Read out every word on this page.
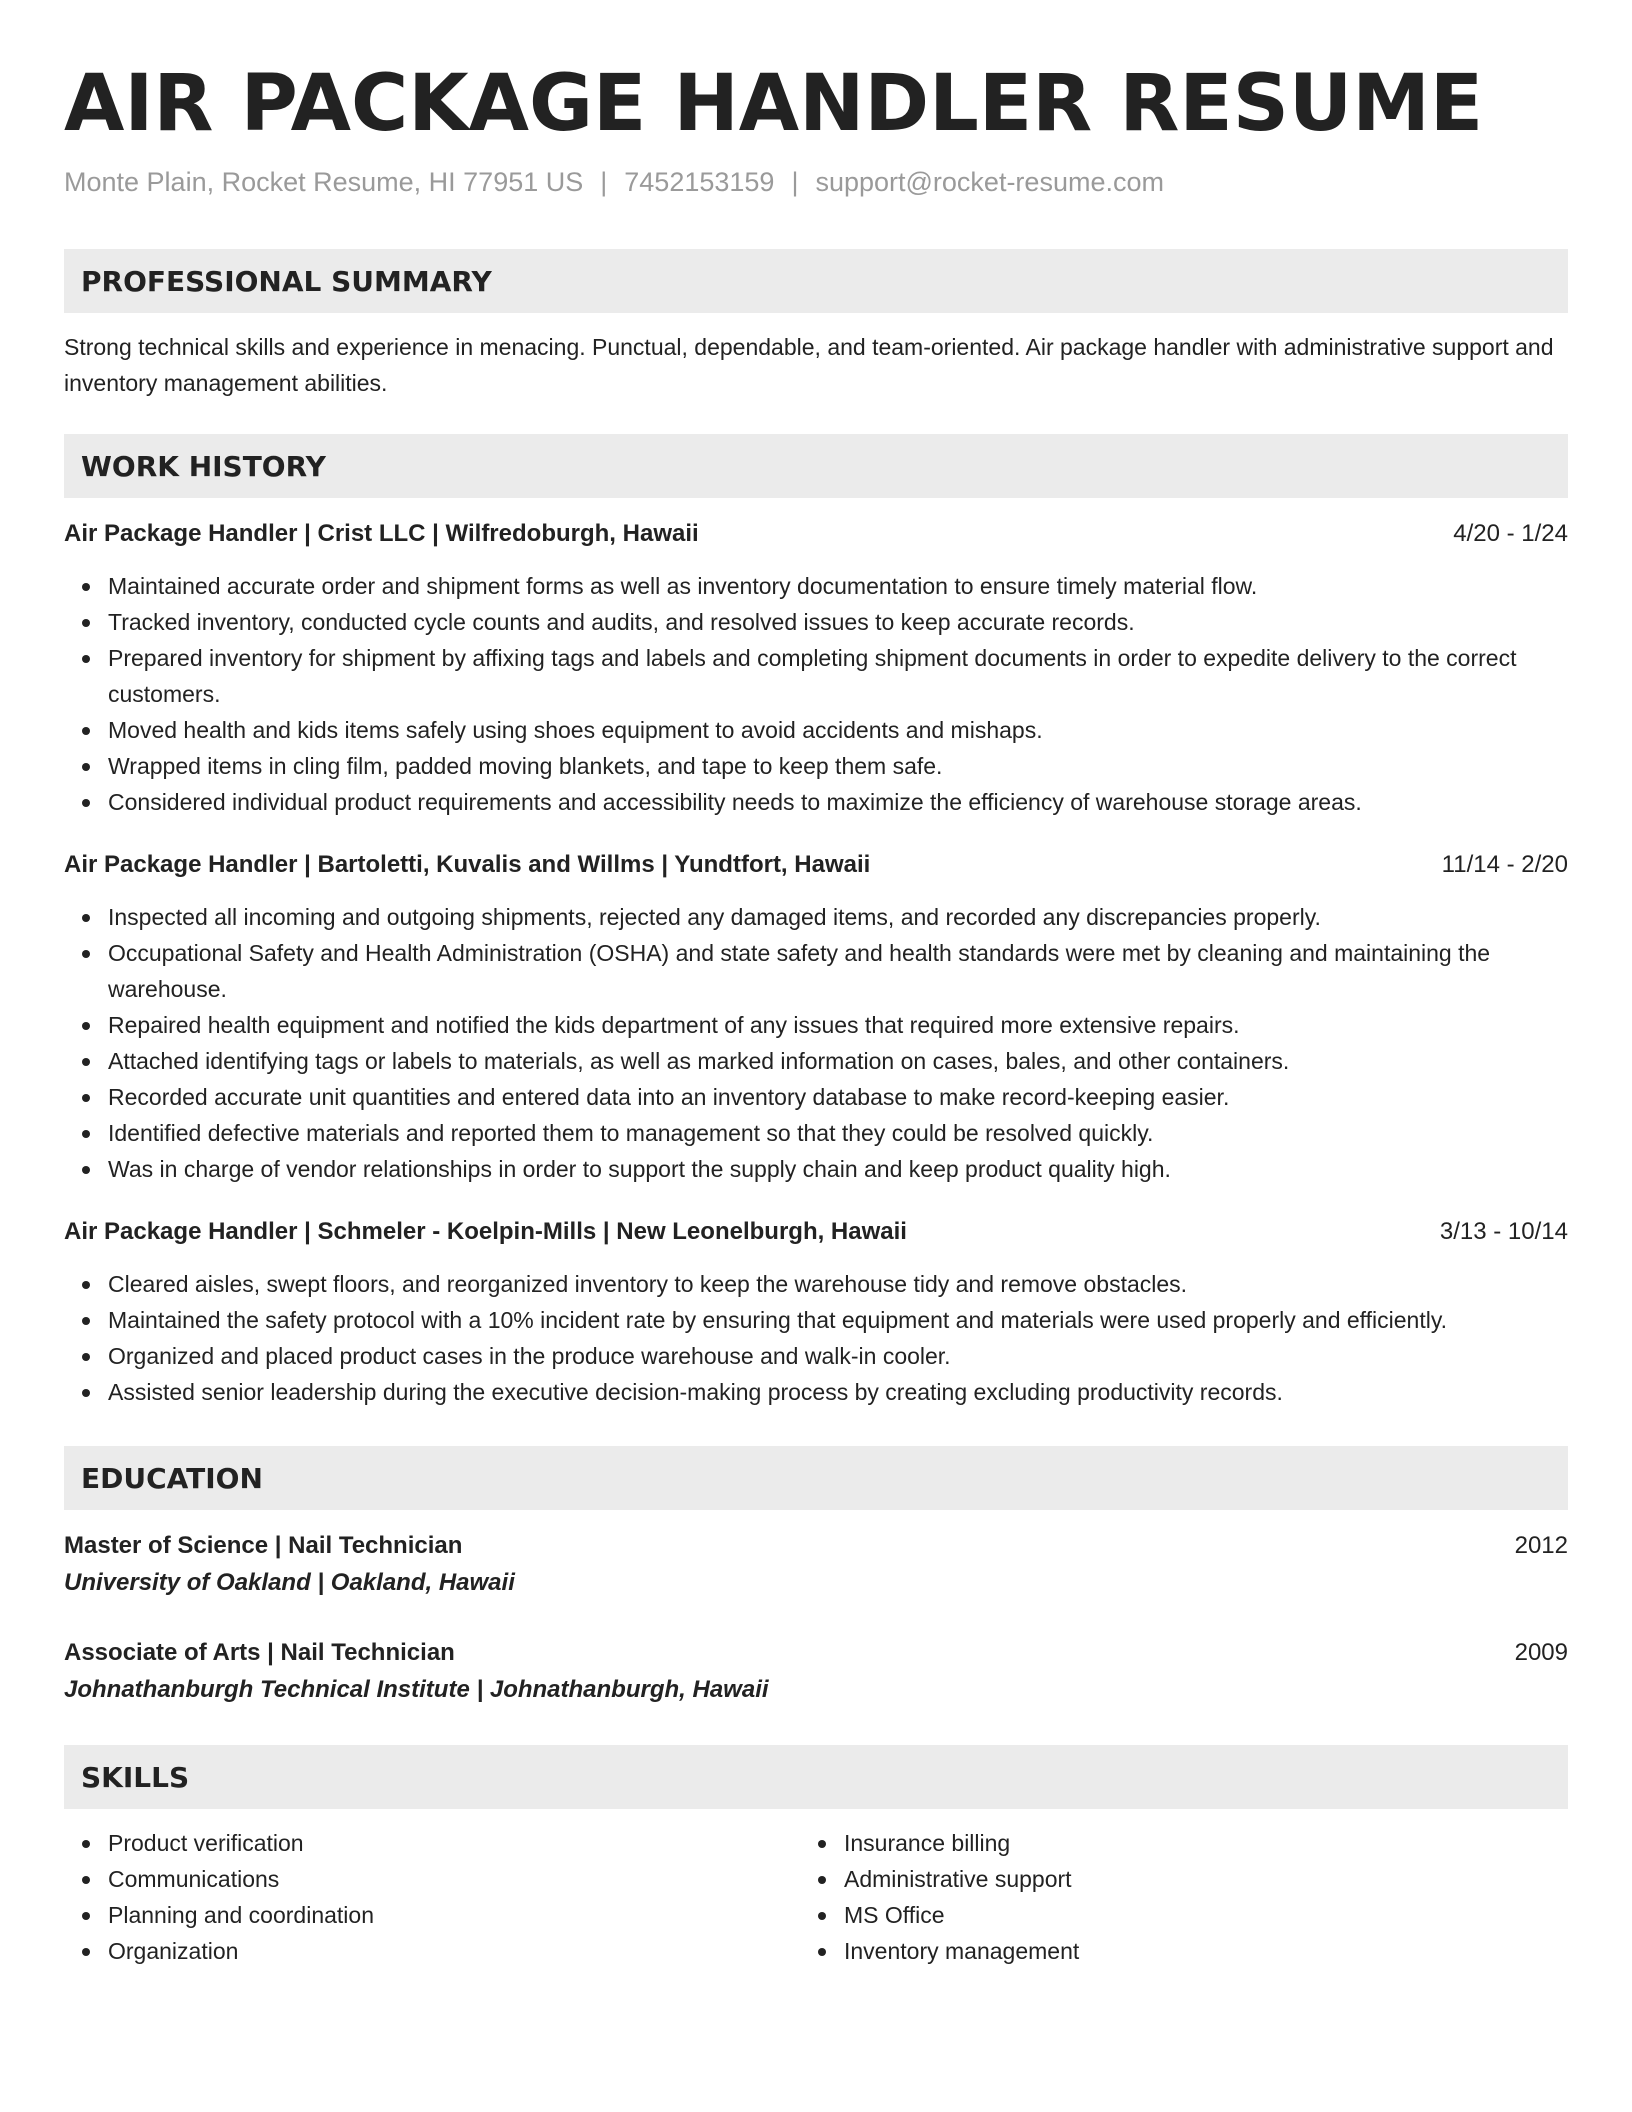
AIR PACKAGE HANDLER RESUME
Monte Plain, Rocket Resume, HI 77951 US | 7452153159 | support@rocket-resume.com
PROFESSIONAL SUMMARY
Strong technical skills and experience in menacing. Punctual, dependable, and team-oriented. Air package handler with administrative support and inventory management abilities.
WORK HISTORY
Air Package Handler | Crist LLC | Wilfredoburgh, Hawaii	4/20 - 1/24
Maintained accurate order and shipment forms as well as inventory documentation to ensure timely material flow.
Tracked inventory, conducted cycle counts and audits, and resolved issues to keep accurate records.
Prepared inventory for shipment by affixing tags and labels and completing shipment documents in order to expedite delivery to the correct customers.
Moved health and kids items safely using shoes equipment to avoid accidents and mishaps.
Wrapped items in cling film, padded moving blankets, and tape to keep them safe.
Considered individual product requirements and accessibility needs to maximize the efficiency of warehouse storage areas.
Air Package Handler | Bartoletti, Kuvalis and Willms | Yundtfort, Hawaii	11/14 - 2/20
Inspected all incoming and outgoing shipments, rejected any damaged items, and recorded any discrepancies properly.
Occupational Safety and Health Administration (OSHA) and state safety and health standards were met by cleaning and maintaining the warehouse.
Repaired health equipment and notified the kids department of any issues that required more extensive repairs.
Attached identifying tags or labels to materials, as well as marked information on cases, bales, and other containers.
Recorded accurate unit quantities and entered data into an inventory database to make record-keeping easier.
Identified defective materials and reported them to management so that they could be resolved quickly.
Was in charge of vendor relationships in order to support the supply chain and keep product quality high.
Air Package Handler | Schmeler - Koelpin-Mills | New Leonelburgh, Hawaii	3/13 - 10/14
Cleared aisles, swept floors, and reorganized inventory to keep the warehouse tidy and remove obstacles.
Maintained the safety protocol with a 10% incident rate by ensuring that equipment and materials were used properly and efficiently.
Organized and placed product cases in the produce warehouse and walk-in cooler.
Assisted senior leadership during the executive decision-making process by creating excluding productivity records.
EDUCATION
Master of Science | Nail Technician	2012
University of Oakland | Oakland, Hawaii
Associate of Arts | Nail Technician	2009
Johnathanburgh Technical Institute | Johnathanburgh, Hawaii
SKILLS
Product verification
Communications
Planning and coordination
Organization
Insurance billing
Administrative support
MS Office
Inventory management
